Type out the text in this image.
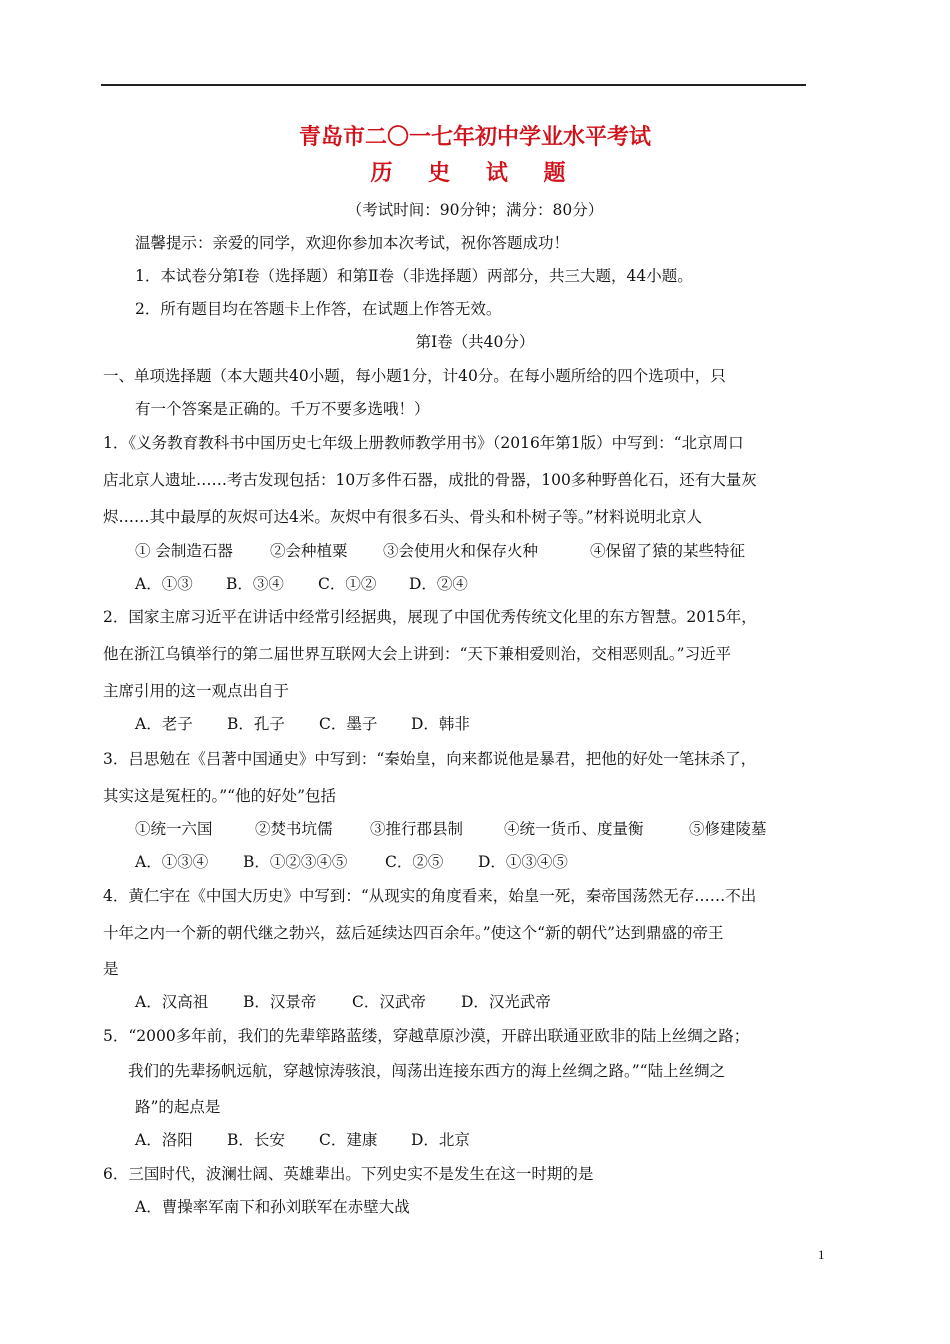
青岛市二〇一七年初中学业水平考试
历 史 试 题
（考试时间：90分钟；满分：80分）
温馨提示：亲爱的同学，欢迎你参加本次考试，祝你答题成功！
1．本试卷分第Ⅰ卷（选择题）和第Ⅱ卷（非选择题）两部分，共三大题，44小题。
2．所有题目均在答题卡上作答，在试题上作答无效。
第Ⅰ卷（共40分）
一、单项选择题（本大题共40小题，每小题1分，计40分。在每小题所给的四个选项中，只
有一个答案是正确的。千万不要多选哦！）
1．《义务教育教科书中国历史七年级上册教师教学用书》（2016年第1版）中写到：“北京周口
店北京人遗址……考古发现包括：10万多件石器，成批的骨器，100多种野兽化石，还有大量灰
烬……其中最厚的灰烬可达4米。灰烬中有很多石头、骨头和朴树子等。”材料说明北京人
① 会制造石器 ②会种植粟 ③会使用火和保存火种	④保留了猿的某些特征
A．①③ B．③④ C．①② D．②④
2．国家主席习近平在讲话中经常引经据典，展现了中国优秀传统文化里的东方智慧。2015年，
他在浙江乌镇举行的第二届世界互联网大会上讲到：“天下兼相爱则治，交相恶则乱。”习近平
主席引用的这一观点出自于
A．老子 B．孔子 C．墨子 D．韩非
3．吕思勉在《吕著中国通史》中写到：“秦始皇，向来都说他是暴君，把他的好处一笔抹杀了，
其实这是冤枉的。”“他的好处”包括
①统一六国	②焚书坑儒 ③推行郡县制	④统一货币、度量衡	⑤修建陵墓
A．①③④ B．①②③④⑤ C．②⑤ D．①③④⑤
4．黄仁宇在《中国大历史》中写到：“从现实的角度看来，始皇一死，秦帝国荡然无存……不出
十年之内一个新的朝代继之勃兴，兹后延续达四百余年。”使这个“新的朝代”达到鼎盛的帝王
是
A．汉高祖 B．汉景帝 C．汉武帝 D．汉光武帝
5．“2000多年前，我们的先辈筚路蓝缕，穿越草原沙漠，开辟出联通亚欧非的陆上丝绸之路；
我们的先辈扬帆远航，穿越惊涛骇浪，闯荡出连接东西方的海上丝绸之路。”“陆上丝绸之
路”的起点是
A．洛阳 B．长安 C．建康 D．北京
6．三国时代，波澜壮阔、英雄辈出。下列史实不是发生在这一时期的是
A．曹操率军南下和孙刘联军在赤壁大战
1
